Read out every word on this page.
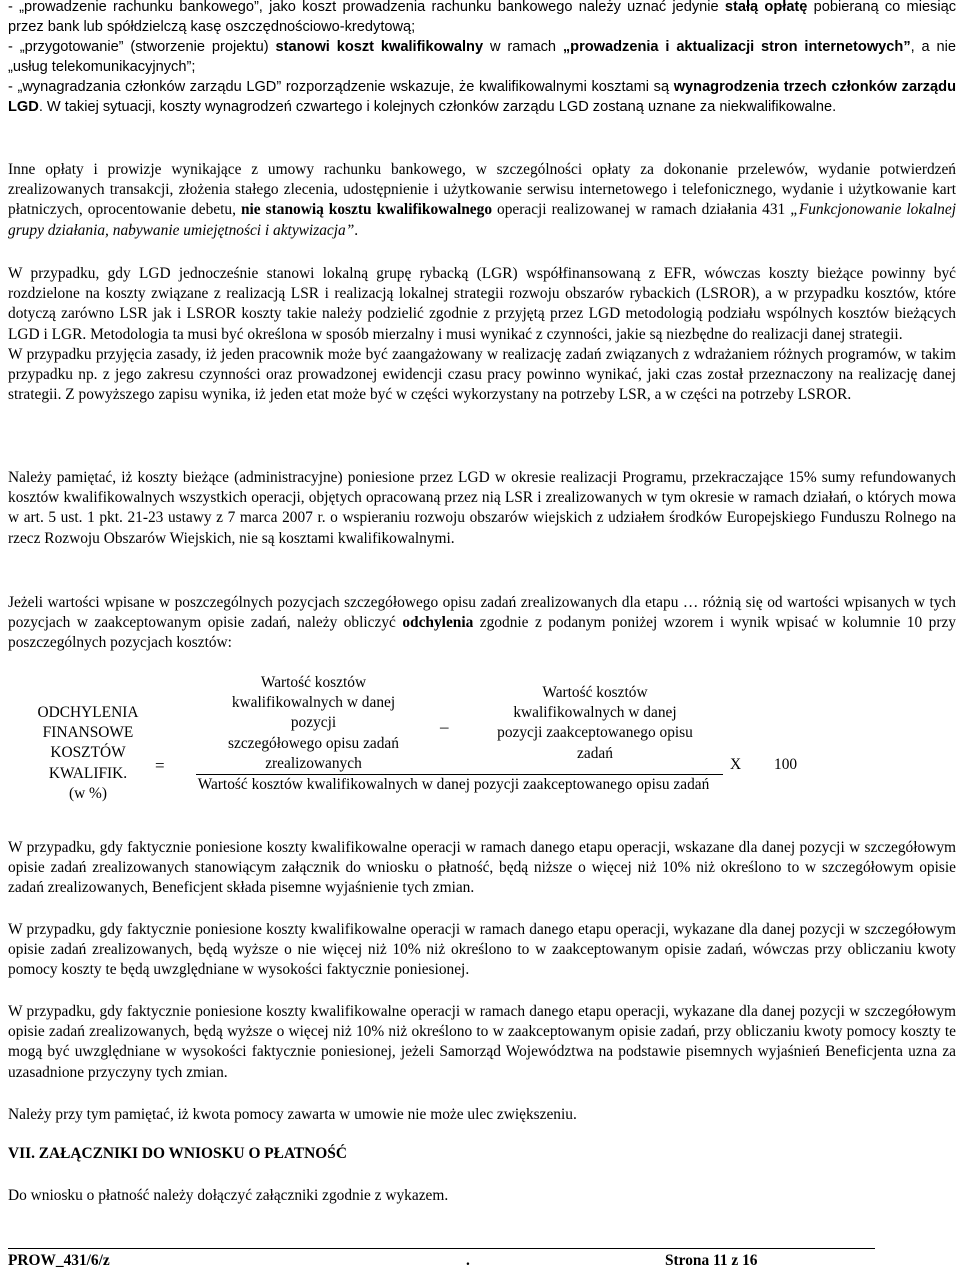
- „prowadzenie rachunku bankowego”, jako koszt prowadzenia rachunku bankowego należy uznać jedynie stałą opłatę pobieraną co miesiąc przez bank lub spółdzielczą kasę oszczędnościowo-kredytową;
- „przygotowanie” (stworzenie projektu) stanowi koszt kwalifikowalny w ramach „prowadzenia i aktualizacji stron internetowych”, a nie „usług telekomunikacyjnych”;
- „wynagradzania członków zarządu LGD” rozporządzenie wskazuje, że kwalifikowalnymi kosztami są wynagrodzenia trzech członków zarządu LGD. W takiej sytuacji, koszty wynagrodzeń czwartego i kolejnych członków zarządu LGD zostaną uznane za niekwalifikowalne.

Inne opłaty i prowizje wynikające z umowy rachunku bankowego, w szczególności opłaty za dokonanie przelewów, wydanie potwierdzeń zrealizowanych transakcji, złożenia stałego zlecenia, udostępnienie i użytkowanie serwisu internetowego i telefonicznego, wydanie i użytkowanie kart płatniczych, oprocentowanie debetu, nie stanowią kosztu kwalifikowalnego operacji realizowanej w ramach działania 431 „Funkcjonowanie lokalnej grupy działania, nabywanie umiejętności i aktywizacja”.

W przypadku, gdy LGD jednocześnie stanowi lokalną grupę rybacką (LGR) współfinansowaną z EFR, wówczas koszty bieżące powinny być rozdzielone na koszty związane z realizacją LSR i realizacją lokalnej strategii rozwoju obszarów rybackich (LSROR), a w przypadku kosztów, które dotyczą zarówno LSR jak i LSROR koszty takie należy podzielić zgodnie z przyjętą przez LGD metodologią podziału wspólnych kosztów bieżących LGD i LGR. Metodologia ta musi być określona w sposób mierzalny i musi wynikać z czynności, jakie są niezbędne do realizacji danej strategii.

W przypadku przyjęcia zasady, iż jeden pracownik może być zaangażowany w realizację zadań związanych z wdrażaniem różnych programów, w takim przypadku np. z jego zakresu czynności oraz prowadzonej ewidencji czasu pracy powinno wynikać, jaki czas został przeznaczony na realizację danej strategii. Z powyższego zapisu wynika, iż jeden etat może być w części wykorzystany na potrzeby LSR, a w części na potrzeby LSROR.

Należy pamiętać, iż koszty bieżące (administracyjne) poniesione przez LGD w okresie realizacji Programu, przekraczające 15% sumy refundowanych kosztów kwalifikowalnych wszystkich operacji, objętych opracowaną przez nią LSR i zrealizowanych w tym okresie w ramach działań, o których mowa w art. 5 ust. 1 pkt. 21-23 ustawy z 7 marca 2007 r. o wspieraniu rozwoju obszarów wiejskich z udziałem środków Europejskiego Funduszu Rolnego na rzecz Rozwoju Obszarów Wiejskich, nie są kosztami kwalifikowalnymi.

Jeżeli wartości wpisane w poszczególnych pozycjach szczegółowego opisu zadań zrealizowanych dla etapu … różnią się od wartości wpisanych w tych pozycjach w zaakceptowanym opisie zadań, należy obliczyć odchylenia zgodnie z podanym poniżej wzorem i wynik wpisać w kolumnie 10 przy poszczególnych pozycjach kosztów:

ODCHYLENIA
FINANSOWE
KOSZTÓW
KWALIFIK.
(w %)
=
Wartość kosztów
kwalifikowalnych w danej
pozycji
szczegółowego opisu zadań
zrealizowanych
–
Wartość kosztów
kwalifikowalnych w danej
pozycji zaakceptowanego opisu
zadań
Wartość kosztów kwalifikowalnych w danej pozycji zaakceptowanego opisu zadań
X 100

W przypadku, gdy faktycznie poniesione koszty kwalifikowalne operacji w ramach danego etapu operacji, wskazane dla danej pozycji w szczegółowym opisie zadań zrealizowanych stanowiącym załącznik do wniosku o płatność, będą niższe o więcej niż 10% niż określono to w szczegółowym opisie zadań zrealizowanych, Beneficjent składa pisemne wyjaśnienie tych zmian.

W przypadku, gdy faktycznie poniesione koszty kwalifikowalne operacji w ramach danego etapu operacji, wykazane dla danej pozycji w szczegółowym opisie zadań zrealizowanych, będą wyższe o nie więcej niż 10% niż określono to w zaakceptowanym opisie zadań, wówczas przy obliczaniu kwoty pomocy koszty te będą uwzględniane w wysokości faktycznie poniesionej.

W przypadku, gdy faktycznie poniesione koszty kwalifikowalne operacji w ramach danego etapu operacji, wykazane dla danej pozycji w szczegółowym opisie zadań zrealizowanych, będą wyższe o więcej niż 10% niż określono to w zaakceptowanym opisie zadań, przy obliczaniu kwoty pomocy koszty te mogą być uwzględniane w wysokości faktycznie poniesionej, jeżeli Samorząd Województwa na podstawie pisemnych wyjaśnień Beneficjenta uzna za uzasadnione przyczyny tych zmian.

Należy przy tym pamiętać, iż kwota pomocy zawarta w umowie nie może ulec zwiększeniu.

VII. ZAŁĄCZNIKI DO WNIOSKU O PŁATNOŚĆ

Do wniosku o płatność należy dołączyć załączniki zgodnie z wykazem.

PROW_431/6/z	.	Strona 11 z 16
